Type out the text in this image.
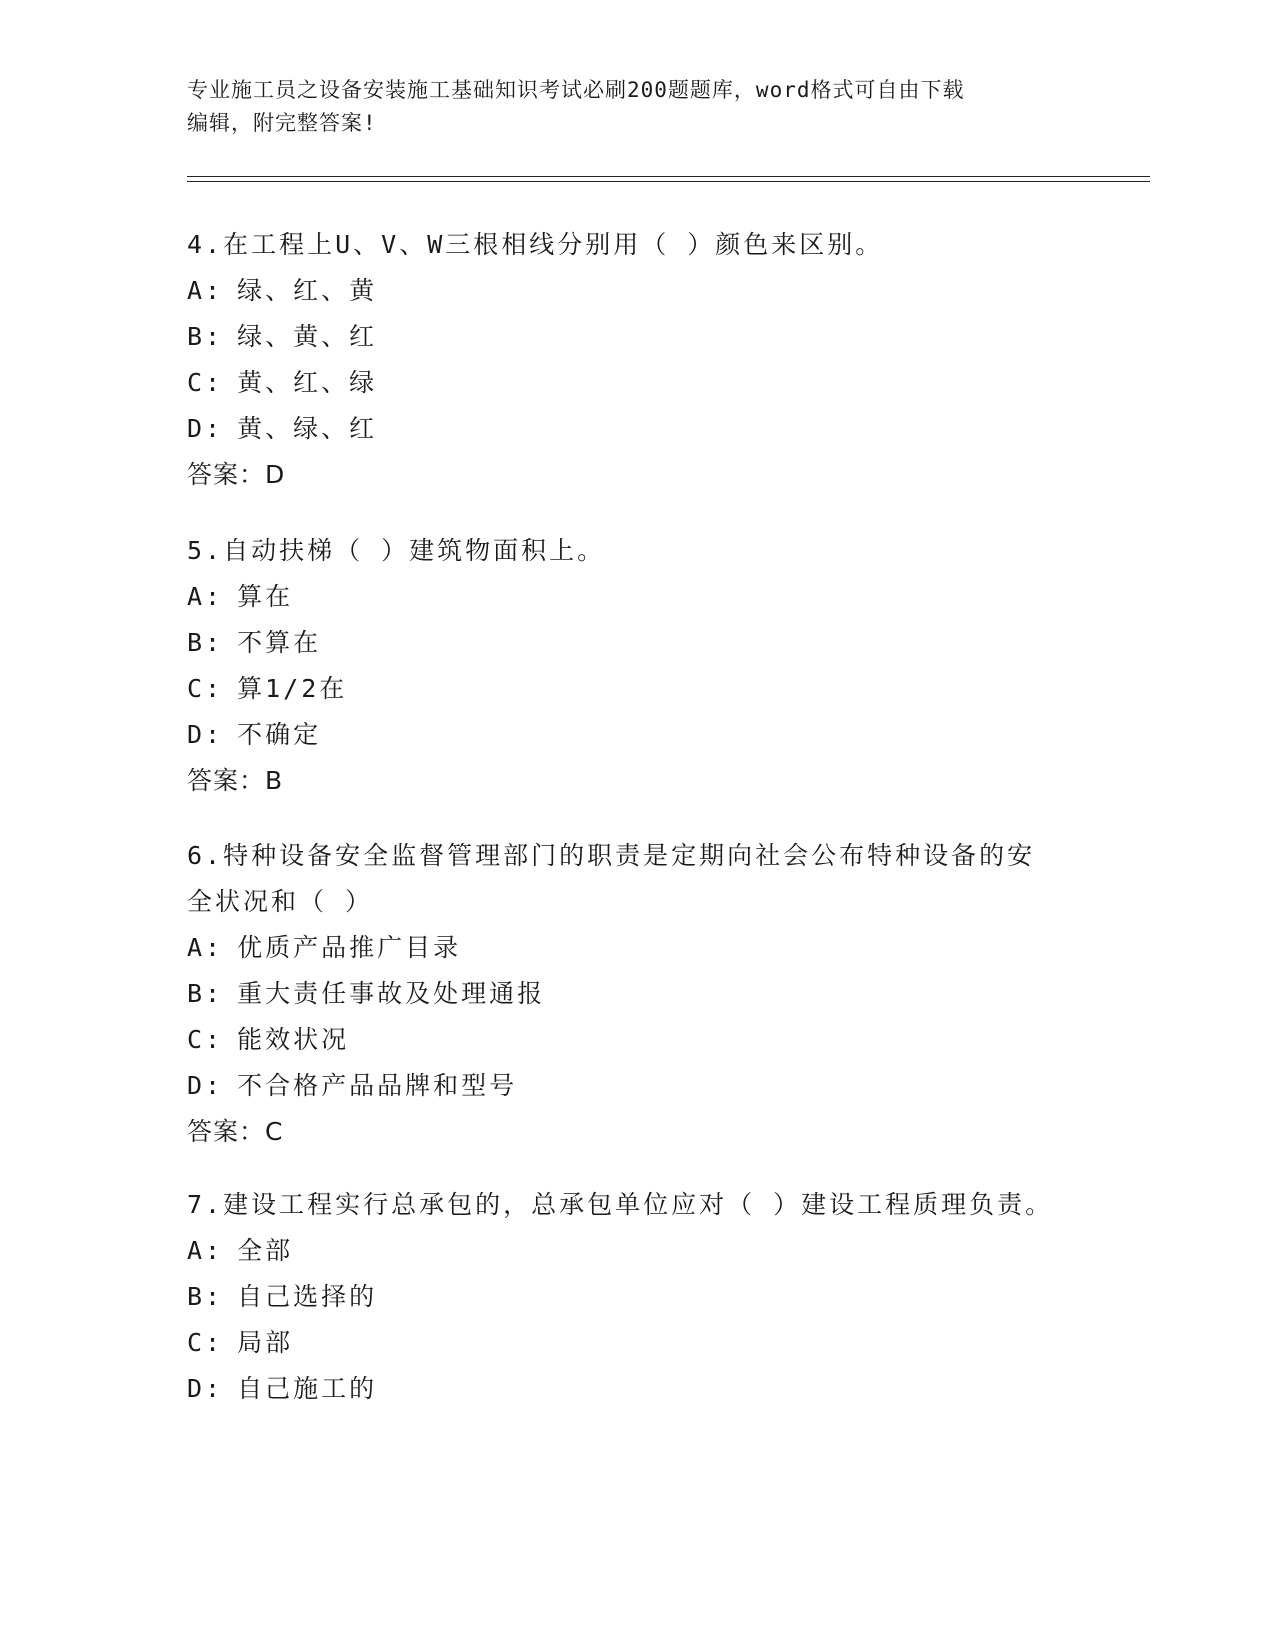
专业施工员之设备安装施工基础知识考试必刷200题题库，word格式可自由下载
编辑，附完整答案!
4.在工程上U、V、W三根相线分别用（ ）颜色来区别。
A: 绿、红、黄
B: 绿、黄、红
C: 黄、红、绿
D: 黄、绿、红
答案：D
5.自动扶梯（ ）建筑物面积上。
A: 算在
B: 不算在
C: 算1/2在
D: 不确定
答案：B
6.特种设备安全监督管理部门的职责是定期向社会公布特种设备的安
全状况和（ ）
A: 优质产品推广目录
B: 重大责任事故及处理通报
C: 能效状况
D: 不合格产品品牌和型号
答案：C
7.建设工程实行总承包的，总承包单位应对（ ）建设工程质理负责。
A: 全部
B: 自己选择的
C: 局部
D: 自己施工的
